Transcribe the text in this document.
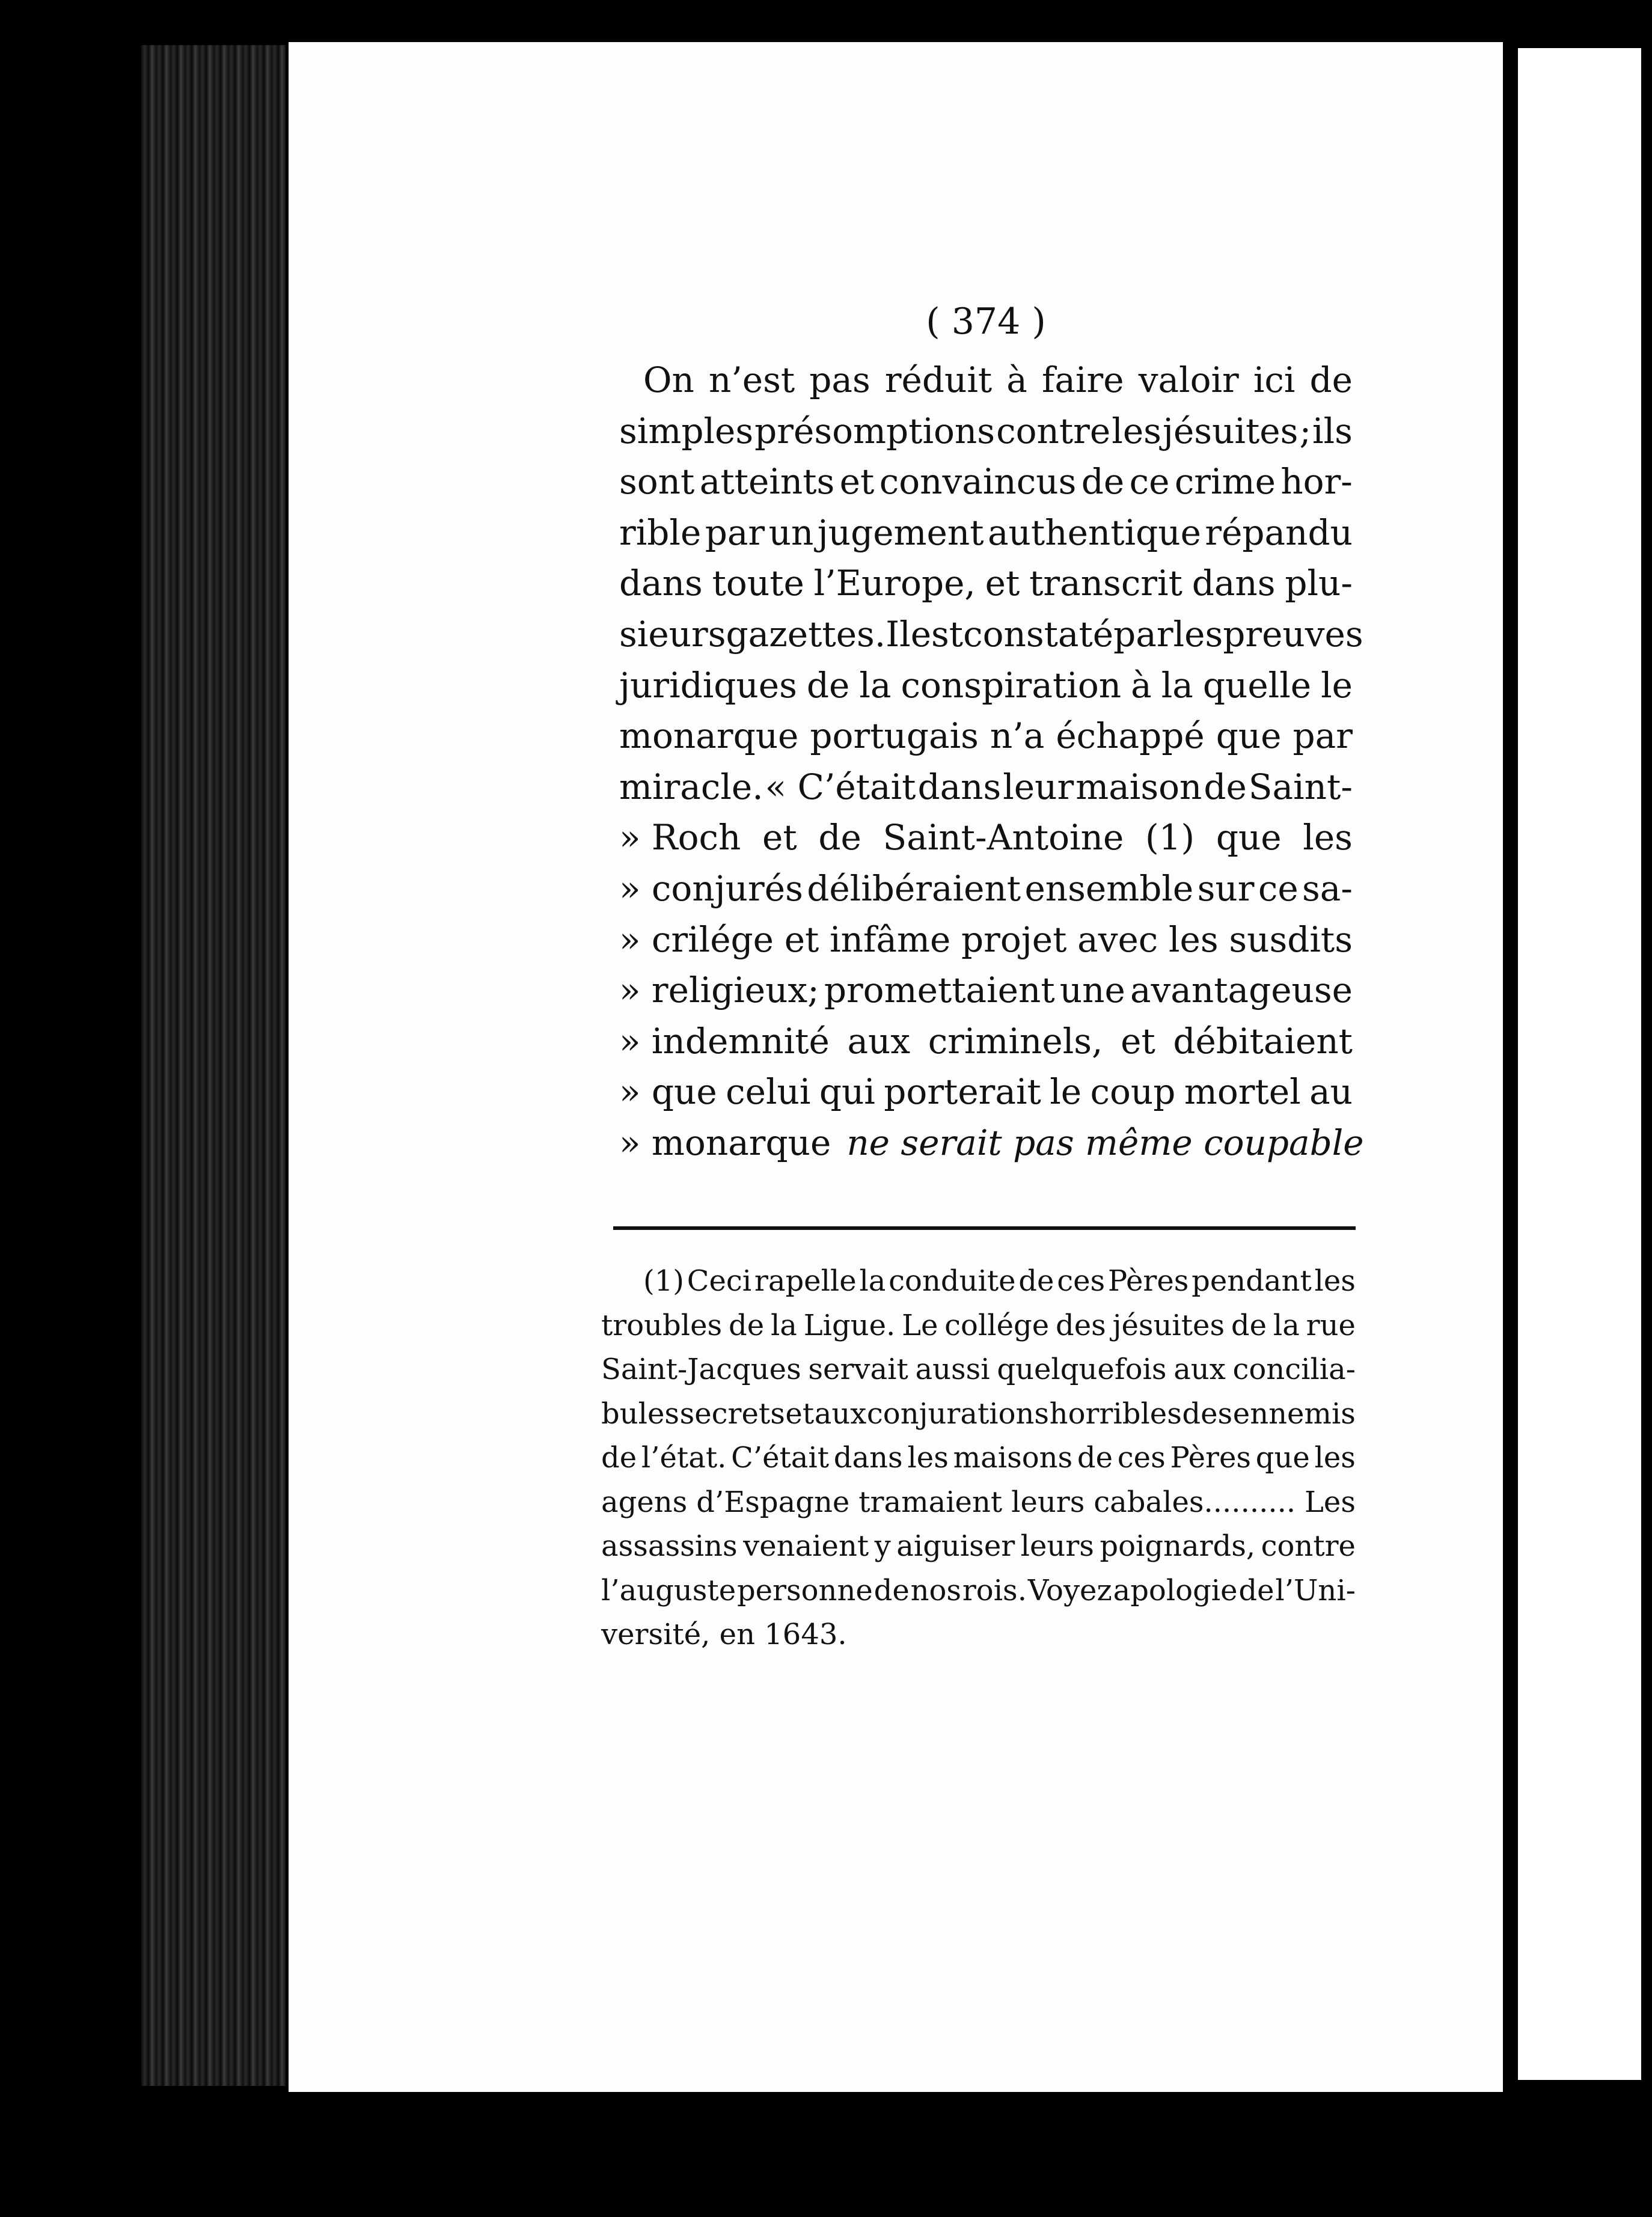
( 374 )
On n’est pas réduit à faire valoir ici de
simples présomptions contre les jésuites ; ils
sont atteints et convaincus de ce crime hor-
rible par un jugement authentique répandu
dans toute l’Europe, et transcrit dans plu-
sieurs gazettes. Il est constaté par les preuves
juridiques de la conspiration à la quelle le
monarque portugais n’a échappé que par
miracle. « C’était dans leur maison de Saint-
» Roch et de Saint-Antoine (1) que les
» conjurés délibéraient ensemble sur ce sa-
» crilége et infâme projet avec les susdits
» religieux; promettaient une avantageuse
» indemnité aux criminels, et débitaient
» que celui qui porterait le coup mortel au
» monarque ne serait pas même coupable
(1) Ceci rapelle la conduite de ces Pères pendant les
troubles de la Ligue. Le collége des jésuites de la rue
Saint-Jacques servait aussi quelquefois aux concilia-
bules secrets et aux conjurations horribles des ennemis
de l’état. C’était dans les maisons de ces Pères que les
agens d’Espagne tramaient leurs cabales.......... Les
assassins venaient y aiguiser leurs poignards, contre
l’auguste personne de nos rois. Voyez apologie de l’Uni-
versité, en 1643.
